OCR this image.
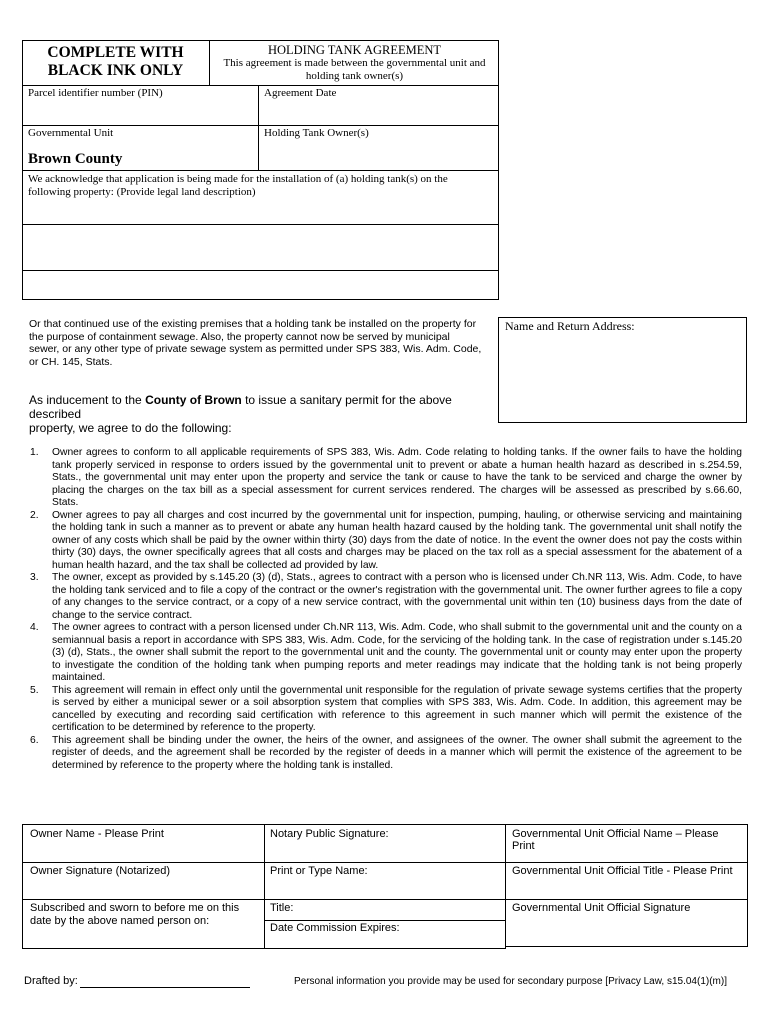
COMPLETE WITH
BLACK INK ONLY
HOLDING TANK AGREEMENT
This agreement is made between the governmental unit and
holding tank owner(s)
Parcel identifier number (PIN)	Agreement Date
Governmental Unit
Brown County
Holding Tank Owner(s)
We acknowledge that application is being made for the installation of (a) holding tank(s) on the
following property: (Provide legal land description)
Name and Return Address:
Or that continued use of the existing premises that a holding tank be installed on the property for
the purpose of containment sewage. Also, the property cannot now be served by municipal
sewer, or any other type of private sewage system as permitted under SPS 383, Wis. Adm. Code,
or CH. 145, Stats.
As inducement to the County of Brown to issue a sanitary permit for the above described
property, we agree to do the following:
1. Owner agrees to conform to all applicable requirements of SPS 383, Wis. Adm. Code relating to holding tanks. If the owner fails to have the holding tank properly serviced in response to orders issued by the governmental unit to prevent or abate a human health hazard as described in s.254.59, Stats., the governmental unit may enter upon the property and service the tank or cause to have the tank to be serviced and charge the owner by placing the charges on the tax bill as a special assessment for current services rendered. The charges will be assessed as prescribed by s.66.60, Stats.
2. Owner agrees to pay all charges and cost incurred by the governmental unit for inspection, pumping, hauling, or otherwise servicing and maintaining the holding tank in such a manner as to prevent or abate any human health hazard caused by the holding tank. The governmental unit shall notify the owner of any costs which shall be paid by the owner within thirty (30) days from the date of notice. In the event the owner does not pay the costs within thirty (30) days, the owner specifically agrees that all costs and charges may be placed on the tax roll as a special assessment for the abatement of a human health hazard, and the tax shall be collected ad provided by law.
3. The owner, except as provided by s.145.20 (3) (d), Stats., agrees to contract with a person who is licensed under Ch.NR 113, Wis. Adm. Code, to have the holding tank serviced and to file a copy of the contract or the owner's registration with the governmental unit. The owner further agrees to file a copy of any changes to the service contract, or a copy of a new service contract, with the governmental unit within ten (10) business days from the date of change to the service contract.
4. The owner agrees to contract with a person licensed under Ch.NR 113, Wis. Adm. Code, who shall submit to the governmental unit and the county on a semiannual basis a report in accordance with SPS 383, Wis. Adm. Code, for the servicing of the holding tank. In the case of registration under s.145.20 (3) (d), Stats., the owner shall submit the report to the governmental unit and the county. The governmental unit or county may enter upon the property to investigate the condition of the holding tank when pumping reports and meter readings may indicate that the holding tank is not being properly maintained.
5. This agreement will remain in effect only until the governmental unit responsible for the regulation of private sewage systems certifies that the property is served by either a municipal sewer or a soil absorption system that complies with SPS 383, Wis. Adm. Code. In addition, this agreement may be cancelled by executing and recording said certification with reference to this agreement in such manner which will permit the existence of the certification to be determined by reference to the property.
6. This agreement shall be binding under the owner, the heirs of the owner, and assignees of the owner. The owner shall submit the agreement to the register of deeds, and the agreement shall be recorded by the register of deeds in a manner which will permit the existence of the agreement to be determined by reference to the property where the holding tank is installed.
Owner Name - Please Print
Owner Signature (Notarized)
Subscribed and sworn to before me on this
date by the above named person on:
Notary Public Signature:
Print or Type Name:
Title:
Date Commission Expires:
Governmental Unit Official Name – Please Print
Governmental Unit Official Title - Please Print
Governmental Unit Official Signature
Drafted by:	Personal information you provide may be used for secondary purpose [Privacy Law, s15.04(1)(m)]
